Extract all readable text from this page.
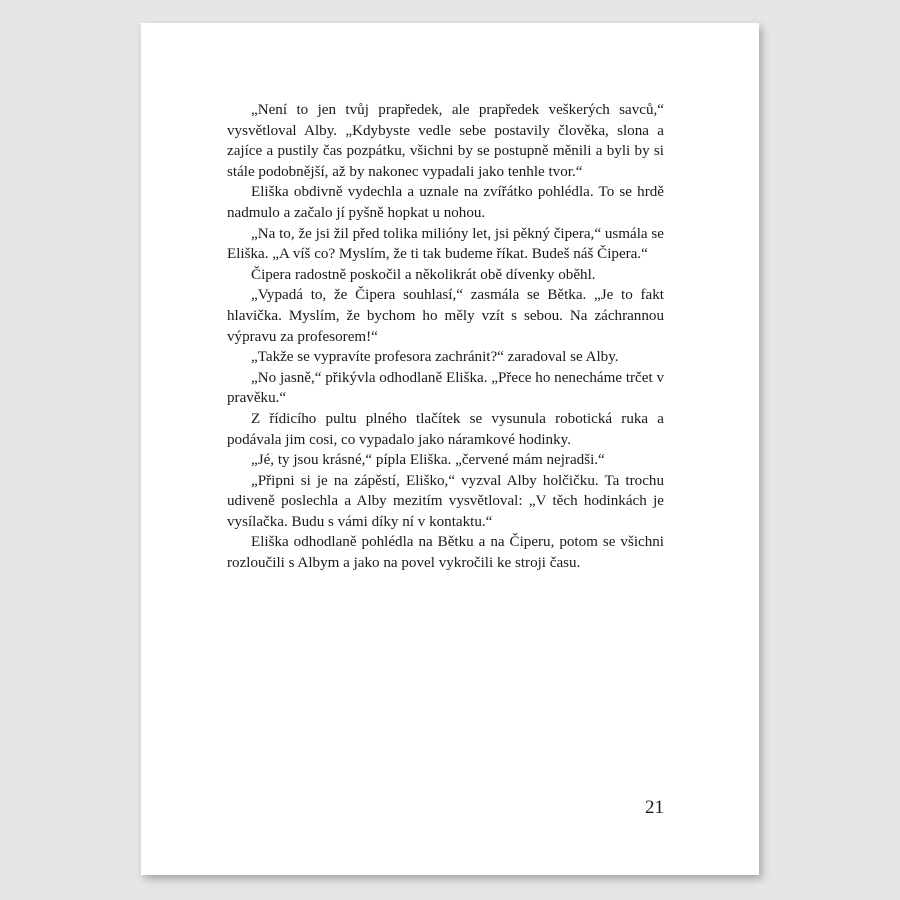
„Není to jen tvůj prapředek, ale prapředek veškerých savců,“ vysvětloval Alby. „Kdybyste vedle sebe postavily člověka, slona a zajíce a pustily čas pozpátku, všichni by se postupně měnili a byli by si stále podobnější, až by nakonec vypadali jako tenhle tvor.“

Eliška obdivně vydechla a uznale na zvířátko pohlédla. To se hrdě nadmulo a začalo jí pyšně hopkat u nohou.

„Na to, že jsi žil před tolika milióny let, jsi pěkný čipera,“ usmála se Eliška. „A víš co? Myslím, že ti tak budeme říkat. Budeš náš Čipera.“

Čipera radostně poskočil a několikrát obě dívenky oběhl.

„Vypadá to, že Čipera souhlasí,“ zasmála se Bětka. „Je to fakt hlavička. Myslím, že bychom ho měly vzít s sebou. Na záchrannou výpravu za profesorem!“

„Takže se vypravíte profesora zachránit?“ zaradoval se Alby.

„No jasně,“ přikývla odhodlaně Eliška. „Přece ho nenecháme trčet v pravěku.“

Z řídicího pultu plného tlačítek se vysunula robotická ruka a podávala jim cosi, co vypadalo jako náramkové hodinky.

„Jé, ty jsou krásné,“ pípla Eliška. „červené mám nejradši.“

„Připni si je na zápěstí, Eliško,“ vyzval Alby holčičku. Ta trochu udiveně poslechla a Alby mezitím vysvětloval: „V těch hodinkách je vysílačka. Budu s vámi díky ní v kontaktu.“

Eliška odhodlaně pohlédla na Bětku a na Čiperu, potom se všichni rozloučili s Albym a jako na povel vykročili ke stroji času.

21
